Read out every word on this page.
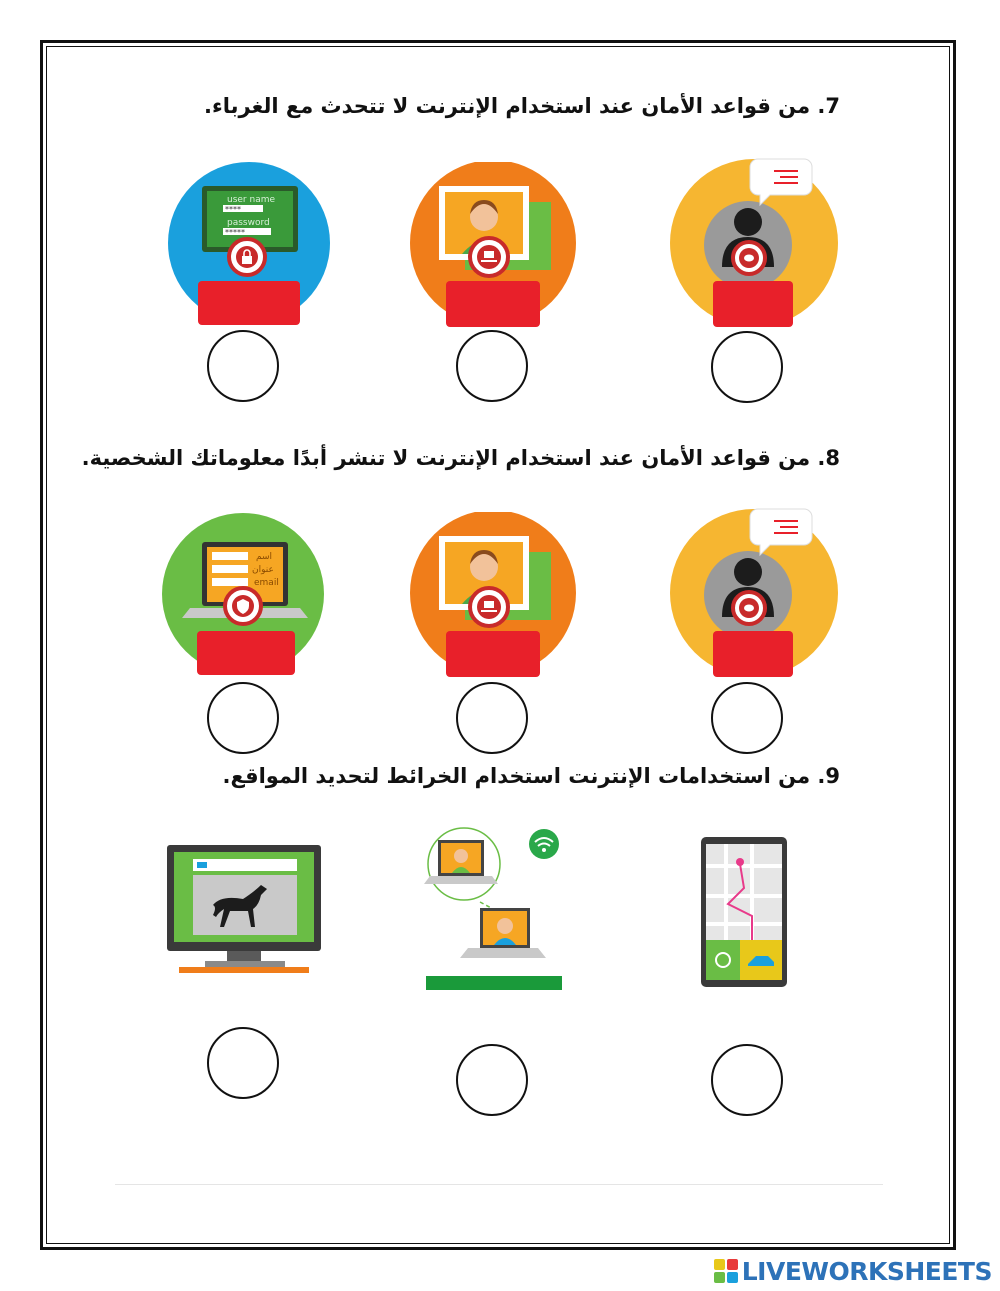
7. من قواعد الأمان عند استخدام الإنترنت لا تتحدث مع الغرباء.
user name
****
password
*****
8. من قواعد الأمان عند استخدام الإنترنت لا تنشر أبدًا معلوماتك الشخصية.
اسم
عنوان
email
9. من استخدامات الإنترنت استخدام الخرائط لتحديد المواقع.
LIVEWORKSHEETS
